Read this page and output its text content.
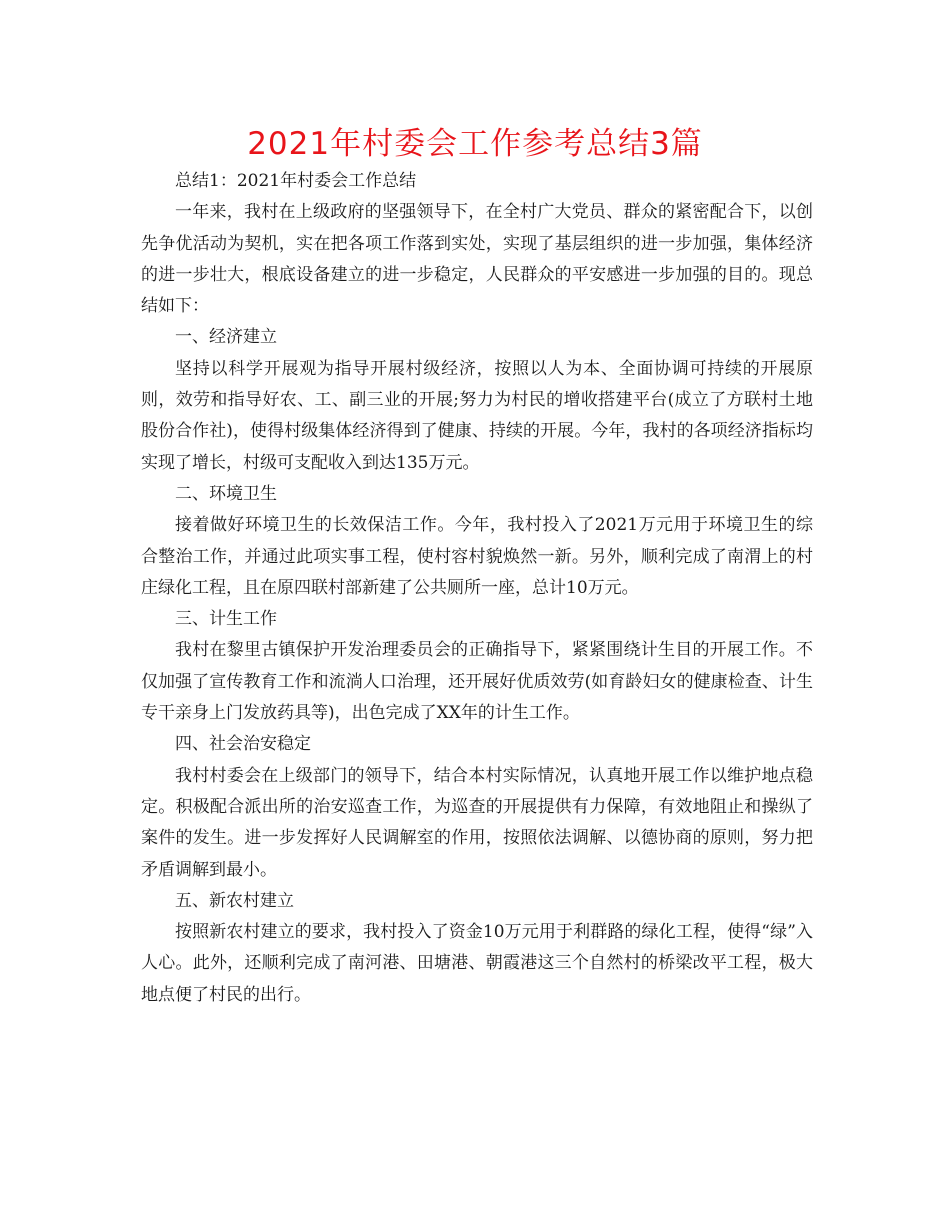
2021年村委会工作参考总结3篇

总结1：2021年村委会工作总结

一年来，我村在上级政府的坚强领导下，在全村广大党员、群众的紧密配合下，以创先争优活动为契机，实在把各项工作落到实处，实现了基层组织的进一步加强，集体经济的进一步壮大，根底设备建立的进一步稳定，人民群众的平安感进一步加强的目的。现总结如下：

一、经济建立

坚持以科学开展观为指导开展村级经济，按照以人为本、全面协调可持续的开展原则，效劳和指导好农、工、副三业的开展;努力为村民的增收搭建平台(成立了方联村土地股份合作社)，使得村级集体经济得到了健康、持续的开展。今年，我村的各项经济指标均实现了增长，村级可支配收入到达135万元。

二、环境卫生

接着做好环境卫生的长效保洁工作。今年，我村投入了2021万元用于环境卫生的综合整治工作，并通过此项实事工程，使村容村貌焕然一新。另外，顺利完成了南渭上的村庄绿化工程，且在原四联村部新建了公共厕所一座，总计10万元。

三、计生工作

我村在黎里古镇保护开发治理委员会的正确指导下，紧紧围绕计生目的开展工作。不仅加强了宣传教育工作和流淌人口治理，还开展好优质效劳(如育龄妇女的健康检查、计生专干亲身上门发放药具等)，出色完成了XX年的计生工作。

四、社会治安稳定

我村村委会在上级部门的领导下，结合本村实际情况，认真地开展工作以维护地点稳定。积极配合派出所的治安巡查工作，为巡查的开展提供有力保障，有效地阻止和操纵了案件的发生。进一步发挥好人民调解室的作用，按照依法调解、以德协商的原则，努力把矛盾调解到最小。

五、新农村建立

按照新农村建立的要求，我村投入了资金10万元用于利群路的绿化工程，使得“绿”入人心。此外，还顺利完成了南河港、田塘港、朝霞港这三个自然村的桥梁改平工程，极大地点便了村民的出行。
